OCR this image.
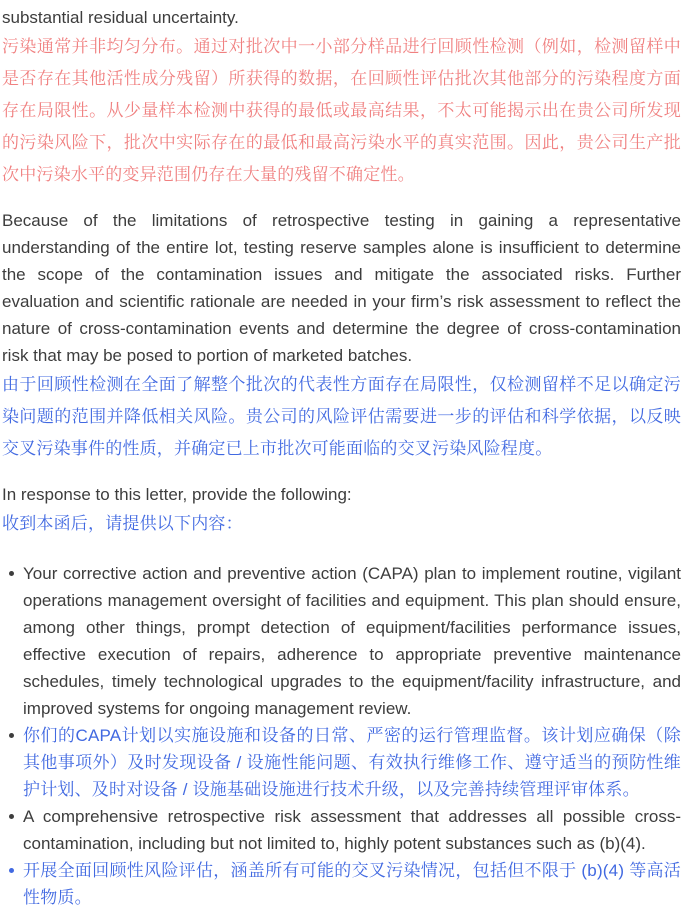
substantial residual uncertainty.

污染通常并非均匀分布。通过对批次中一小部分样品进行回顾性检测（例如，检测留样中是否存在其他活性成分残留）所获得的数据，在回顾性评估批次其他部分的污染程度方面存在局限性。从少量样本检测中获得的最低或最高结果，不太可能揭示出在贵公司所发现的污染风险下，批次中实际存在的最低和最高污染水平的真实范围。因此，贵公司生产批次中污染水平的变异范围仍存在大量的残留不确定性。

Because of the limitations of retrospective testing in gaining a representative understanding of the entire lot, testing reserve samples alone is insufficient to determine the scope of the contamination issues and mitigate the associated risks. Further evaluation and scientific rationale are needed in your firm’s risk assessment to reflect the nature of cross-contamination events and determine the degree of cross-contamination risk that may be posed to portion of marketed batches.

由于回顾性检测在全面了解整个批次的代表性方面存在局限性，仅检测留样不足以确定污染问题的范围并降低相关风险。贵公司的风险评估需要进一步的评估和科学依据，以反映交叉污染事件的性质，并确定已上市批次可能面临的交叉污染风险程度。

In response to this letter, provide the following:

收到本函后，请提供以下内容：

Your corrective action and preventive action (CAPA) plan to implement routine, vigilant operations management oversight of facilities and equipment. This plan should ensure, among other things, prompt detection of equipment/facilities performance issues, effective execution of repairs, adherence to appropriate preventive maintenance schedules, timely technological upgrades to the equipment/facility infrastructure, and improved systems for ongoing management review.
你们的CAPA计划以实施设施和设备的日常、严密的运行管理监督。该计划应确保（除其他事项外）及时发现设备 / 设施性能问题、有效执行维修工作、遵守适当的预防性维护计划、及时对设备 / 设施基础设施进行技术升级，以及完善持续管理评审体系。
A comprehensive retrospective risk assessment that addresses all possible cross-contamination, including but not limited to, highly potent substances such as (b)(4).
开展全面回顾性风险评估，涵盖所有可能的交叉污染情况，包括但不限于 (b)(4) 等高活性物质。
